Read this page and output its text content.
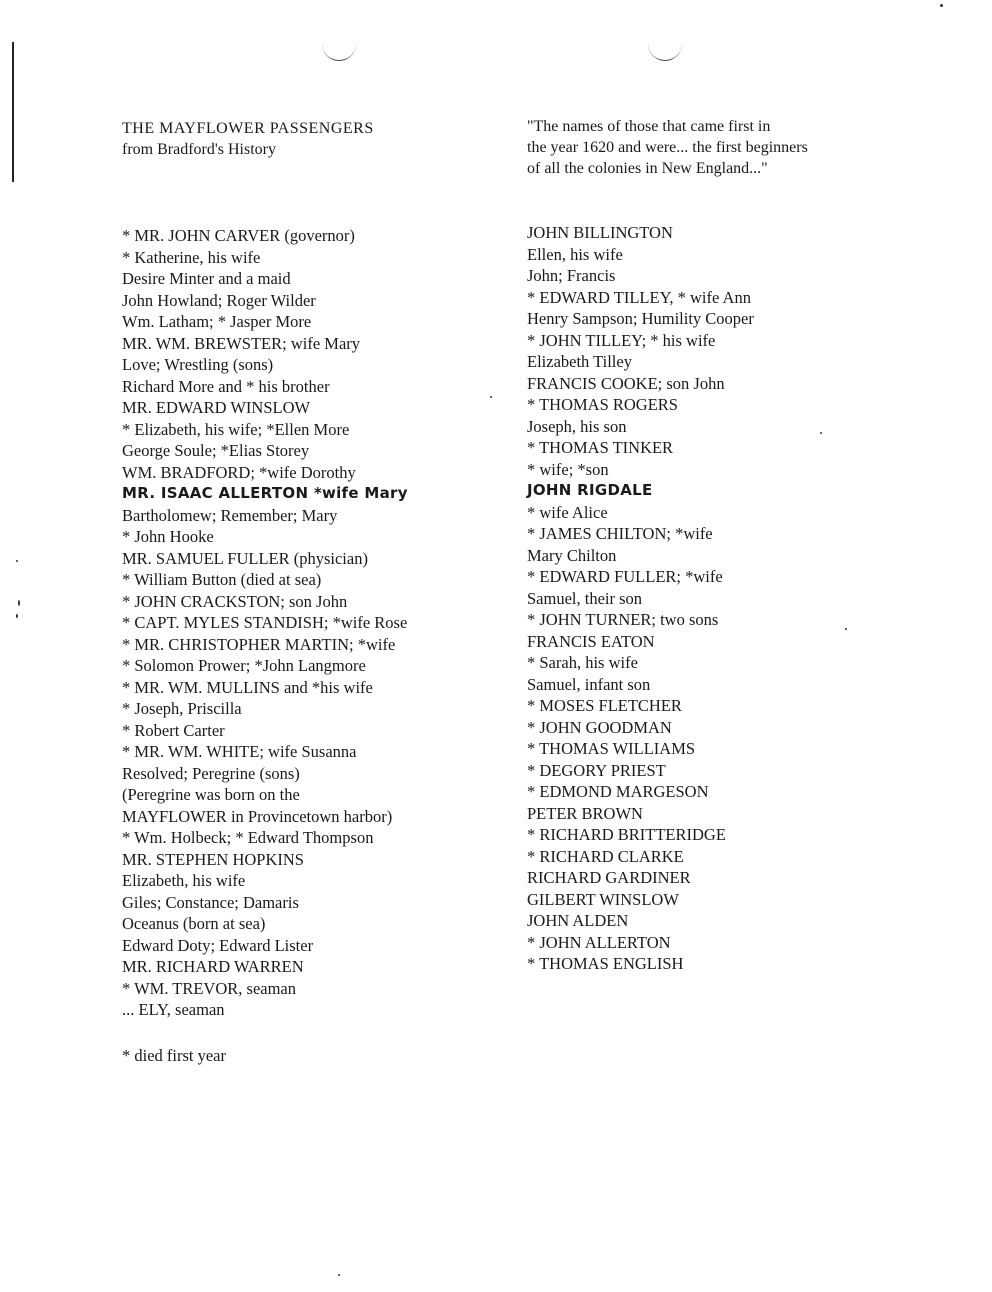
THE MAYFLOWER PASSENGERS
from Bradford's History
"The names of those that came first in
the year 1620 and were... the first beginners
of all the colonies in New England..."
* MR. JOHN CARVER (governor)
* Katherine, his wife
Desire Minter and a maid
John Howland; Roger Wilder
Wm. Latham; * Jasper More
MR. WM. BREWSTER; wife Mary
Love; Wrestling (sons)
Richard More and * his brother
MR. EDWARD WINSLOW
* Elizabeth, his wife; *Ellen More
George Soule; *Elias Storey
WM. BRADFORD; *wife Dorothy
MR. ISAAC ALLERTON *wife Mary
Bartholomew; Remember; Mary
* John Hooke
MR. SAMUEL FULLER (physician)
* William Button (died at sea)
* JOHN CRACKSTON; son John
* CAPT. MYLES STANDISH; *wife Rose
* MR. CHRISTOPHER MARTIN; *wife
* Solomon Prower; *John Langmore
* MR. WM. MULLINS and *his wife
* Joseph, Priscilla
* Robert Carter
* MR. WM. WHITE; wife Susanna
Resolved; Peregrine (sons)
(Peregrine was born on the
MAYFLOWER in Provincetown harbor)
* Wm. Holbeck; * Edward Thompson
MR. STEPHEN HOPKINS
Elizabeth, his wife
Giles; Constance; Damaris
Oceanus (born at sea)
Edward Doty; Edward Lister
MR. RICHARD WARREN
* WM. TREVOR, seaman
... ELY, seaman
JOHN BILLINGTON
Ellen, his wife
John; Francis
* EDWARD TILLEY, * wife Ann
Henry Sampson; Humility Cooper
* JOHN TILLEY; * his wife
Elizabeth Tilley
FRANCIS COOKE; son John
* THOMAS ROGERS
Joseph, his son
* THOMAS TINKER
* wife; *son
JOHN RIGDALE
* wife Alice
* JAMES CHILTON; *wife
Mary Chilton
* EDWARD FULLER; *wife
Samuel, their son
* JOHN TURNER; two sons
FRANCIS EATON
* Sarah, his wife
Samuel, infant son
* MOSES FLETCHER
* JOHN GOODMAN
* THOMAS WILLIAMS
* DEGORY PRIEST
* EDMOND MARGESON
PETER BROWN
* RICHARD BRITTERIDGE
* RICHARD CLARKE
RICHARD GARDINER
GILBERT WINSLOW
JOHN ALDEN
* JOHN ALLERTON
* THOMAS ENGLISH
* died first year
